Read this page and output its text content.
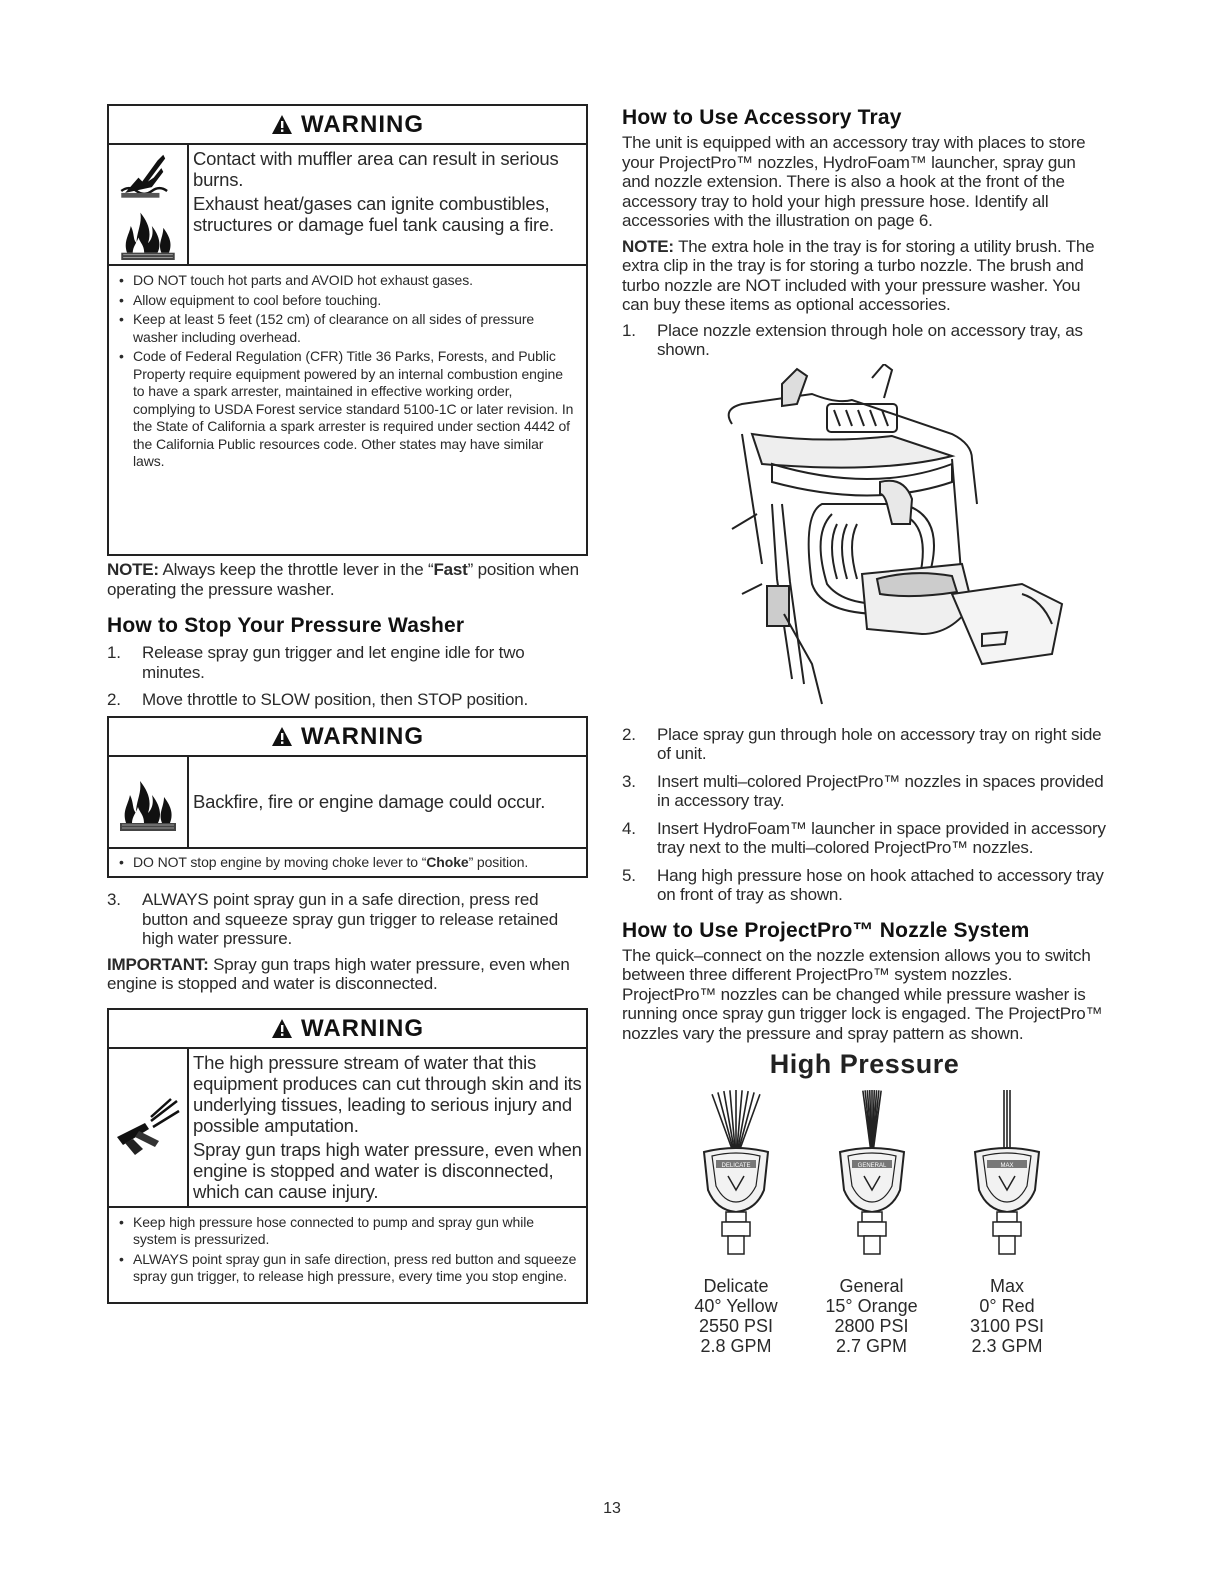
WARNING

Contact with muffler area can result in serious burns.

Exhaust heat/gases can ignite combustibles, structures or damage fuel tank causing a fire.

• DO NOT touch hot parts and AVOID hot exhaust gases.
• Allow equipment to cool before touching.
• Keep at least 5 feet (152 cm) of clearance on all sides of pressure washer including overhead.
• Code of Federal Regulation (CFR) Title 36 Parks, Forests, and Public Property require equipment powered by an internal combustion engine to have a spark arrester, maintained in effective working order, complying to USDA Forest service standard 5100-1C or later revision. In the State of California a spark arrester is required under section 4442 of the California Public resources code. Other states may have similar laws.

NOTE: Always keep the throttle lever in the “Fast” position when operating the pressure washer.

How to Stop Your Pressure Washer
1. Release spray gun trigger and let engine idle for two minutes.
2. Move throttle to SLOW position, then STOP position.
WARNING

Backfire, fire or engine damage could occur.

• DO NOT stop engine by moving choke lever to “Choke” position.
3. ALWAYS point spray gun in a safe direction, press red button and squeeze spray gun trigger to release retained high water pressure.

IMPORTANT: Spray gun traps high water pressure, even when engine is stopped and water is disconnected.

WARNING

The high pressure stream of water that this equipment produces can cut through skin and its underlying tissues, leading to serious injury and possible amputation.

Spray gun traps high water pressure, even when engine is stopped and water is disconnected, which can cause injury.

• Keep high pressure hose connected to pump and spray gun while system is pressurized.
• ALWAYS point spray gun in safe direction, press red button and squeeze spray gun trigger, to release high pressure, every time you stop engine.
How to Use Accessory Tray

The unit is equipped with an accessory tray with places to store your ProjectPro™ nozzles, HydroFoam™ launcher, spray gun and nozzle extension. There is also a hook at the front of the accessory tray to hold your high pressure hose. Identify all accessories with the illustration on page 6.

NOTE: The extra hole in the tray is for storing a utility brush. The extra clip in the tray is for storing a turbo nozzle. The brush and turbo nozzle are NOT included with your pressure washer. You can buy these items as optional accessories.

1. Place nozzle extension through hole on accessory tray, as shown.
2. Place spray gun through hole on accessory tray on right side of unit.
3. Insert multi–colored ProjectPro™ nozzles in spaces provided in accessory tray.
4. Insert HydroFoam™ launcher in space provided in accessory tray next to the multi–colored ProjectPro™ nozzles.
5. Hang high pressure hose on hook attached to accessory tray on front of tray as shown.
How to Use ProjectPro™ Nozzle System

The quick–connect on the nozzle extension allows you to switch between three different ProjectPro™ system nozzles. ProjectPro™ nozzles can be changed while pressure washer is running once spray gun trigger lock is engaged. The ProjectPro™ nozzles vary the pressure and spray pattern as shown.

High Pressure
DELICATE
Delicate
40° Yellow
2550 PSI
2.8 GPM
GENERAL
General
15° Orange
2800 PSI
2.7 GPM
MAX
Max
0° Red
3100 PSI
2.3 GPM
13
